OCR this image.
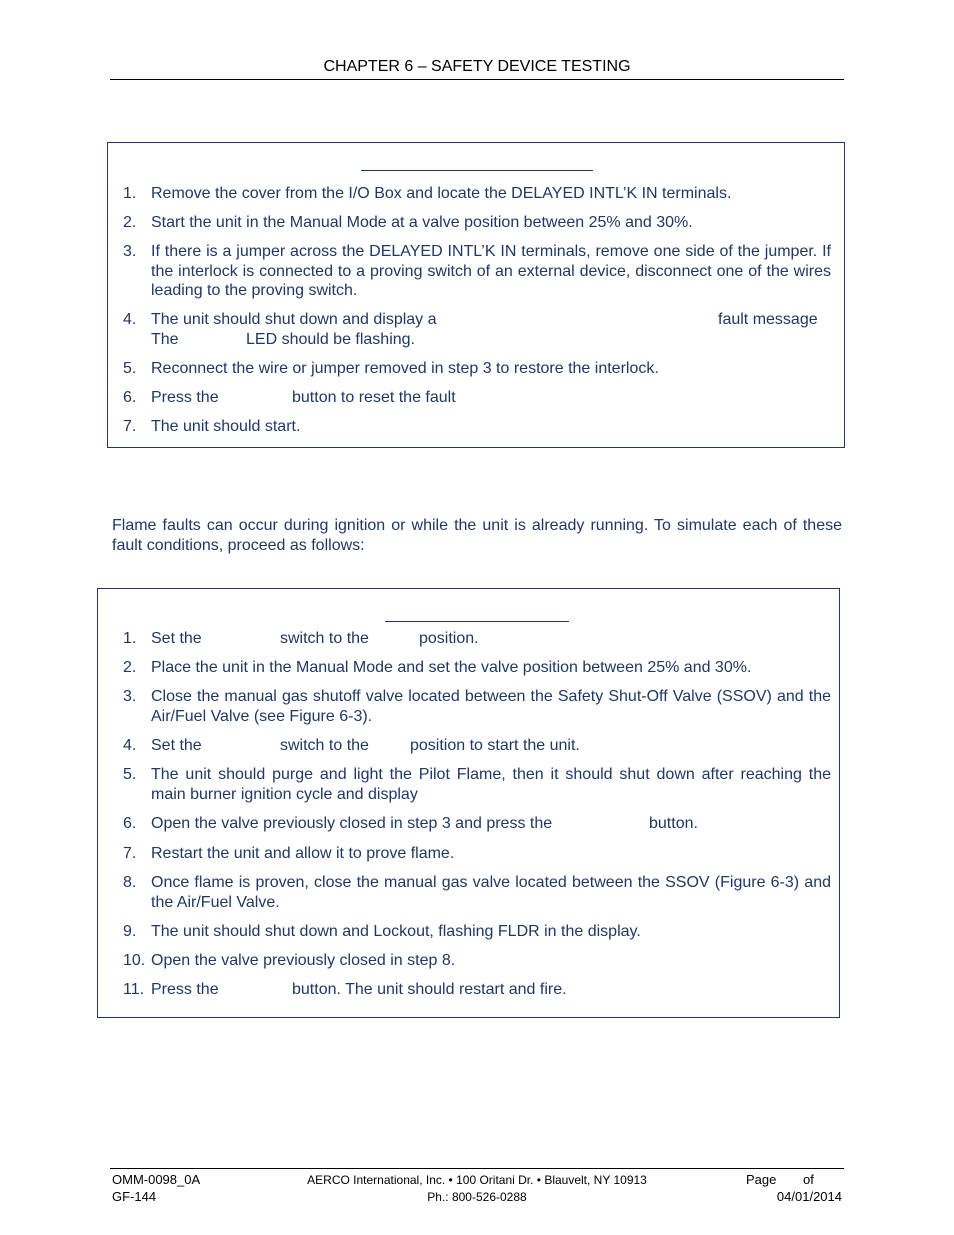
CHAPTER 6 – SAFETY DEVICE TESTING
1. Remove the cover from the I/O Box and locate the DELAYED INTL’K IN terminals.
2. Start the unit in the Manual Mode at a valve position between 25% and 30%.
3. If there is a jumper across the DELAYED INTL’K IN terminals, remove one side of the jumper. If the interlock is connected to a proving switch of an external device, disconnect one of the wires leading to the proving switch.
4. The unit should shut down and display a	fault message
The	LED should be flashing.
5. Reconnect the wire or jumper removed in step 3 to restore the interlock.
6. Press the	button to reset the fault
7. The unit should start.
Flame faults can occur during ignition or while the unit is already running. To simulate each of these fault conditions, proceed as follows:
1. Set the	switch to the	position.
2. Place the unit in the Manual Mode and set the valve position between 25% and 30%.
3. Close the manual gas shutoff valve located between the Safety Shut-Off Valve (SSOV) and the Air/Fuel Valve (see Figure 6-3).
4. Set the	switch to the	position to start the unit.
5. The unit should purge and light the Pilot Flame, then it should shut down after reaching the main burner ignition cycle and display
6. Open the valve previously closed in step 3 and press the	button.
7. Restart the unit and allow it to prove flame.
8. Once flame is proven, close the manual gas valve located between the SSOV (Figure 6-3) and the Air/Fuel Valve.
9. The unit should shut down and Lockout, flashing FLDR in the display.
10. Open the valve previously closed in step 8.
11. Press the	button. The unit should restart and fire.
OMM-0098_0A
GF-144
AERCO International, Inc. • 100 Oritani Dr. • Blauvelt, NY 10913
Ph.: 800-526-0288
Page of
04/01/2014
